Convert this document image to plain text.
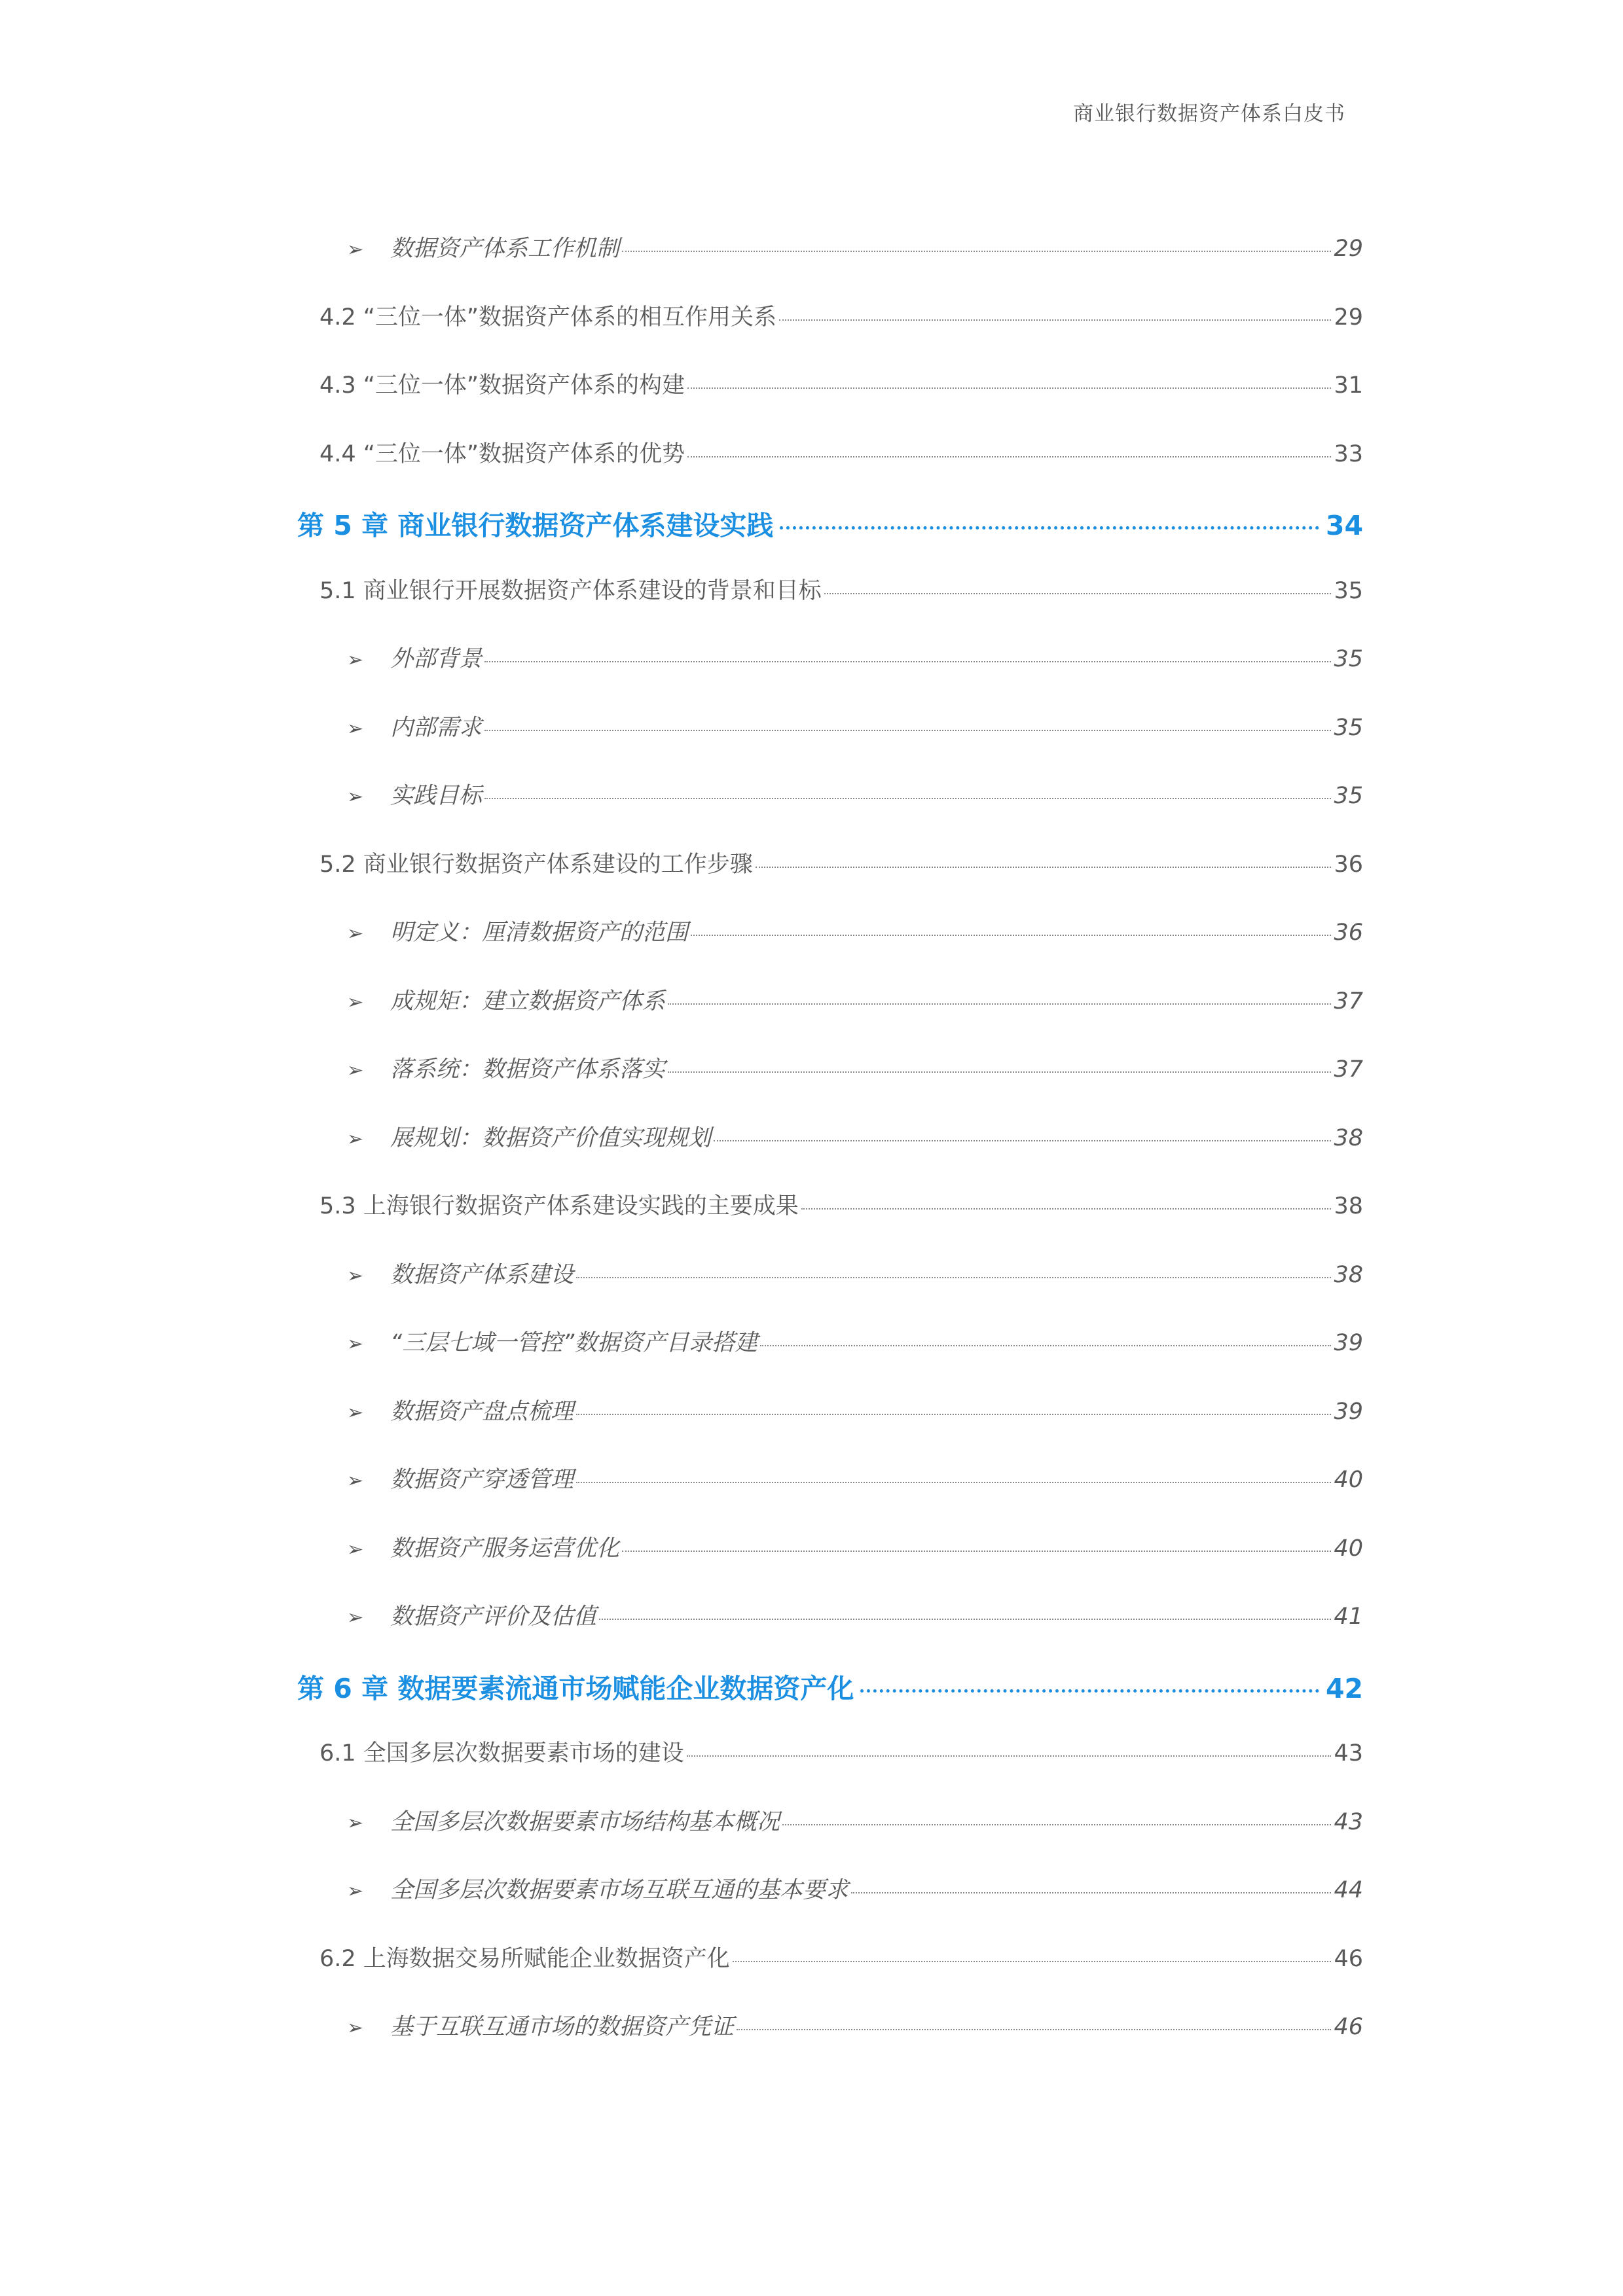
商业银行数据资产体系白皮书
➢	数据资产体系工作机制	29
4.2 “三位一体”数据资产体系的相互作用关系	29
4.3 “三位一体”数据资产体系的构建	31
4.4 “三位一体”数据资产体系的优势	33
第 5 章 商业银行数据资产体系建设实践	34
5.1 商业银行开展数据资产体系建设的背景和目标	35
➢	外部背景	35
➢	内部需求	35
➢	实践目标	35
5.2 商业银行数据资产体系建设的工作步骤	36
➢	明定义：厘清数据资产的范围	36
➢	成规矩：建立数据资产体系	37
➢	落系统：数据资产体系落实	37
➢	展规划：数据资产价值实现规划	38
5.3 上海银行数据资产体系建设实践的主要成果	38
➢	数据资产体系建设	38
➢	“三层七域一管控”数据资产目录搭建	39
➢	数据资产盘点梳理	39
➢	数据资产穿透管理	40
➢	数据资产服务运营优化	40
➢	数据资产评价及估值	41
第 6 章 数据要素流通市场赋能企业数据资产化	42
6.1 全国多层次数据要素市场的建设	43
➢	全国多层次数据要素市场结构基本概况	43
➢	全国多层次数据要素市场互联互通的基本要求	44
6.2 上海数据交易所赋能企业数据资产化	46
➢	基于互联互通市场的数据资产凭证	46
